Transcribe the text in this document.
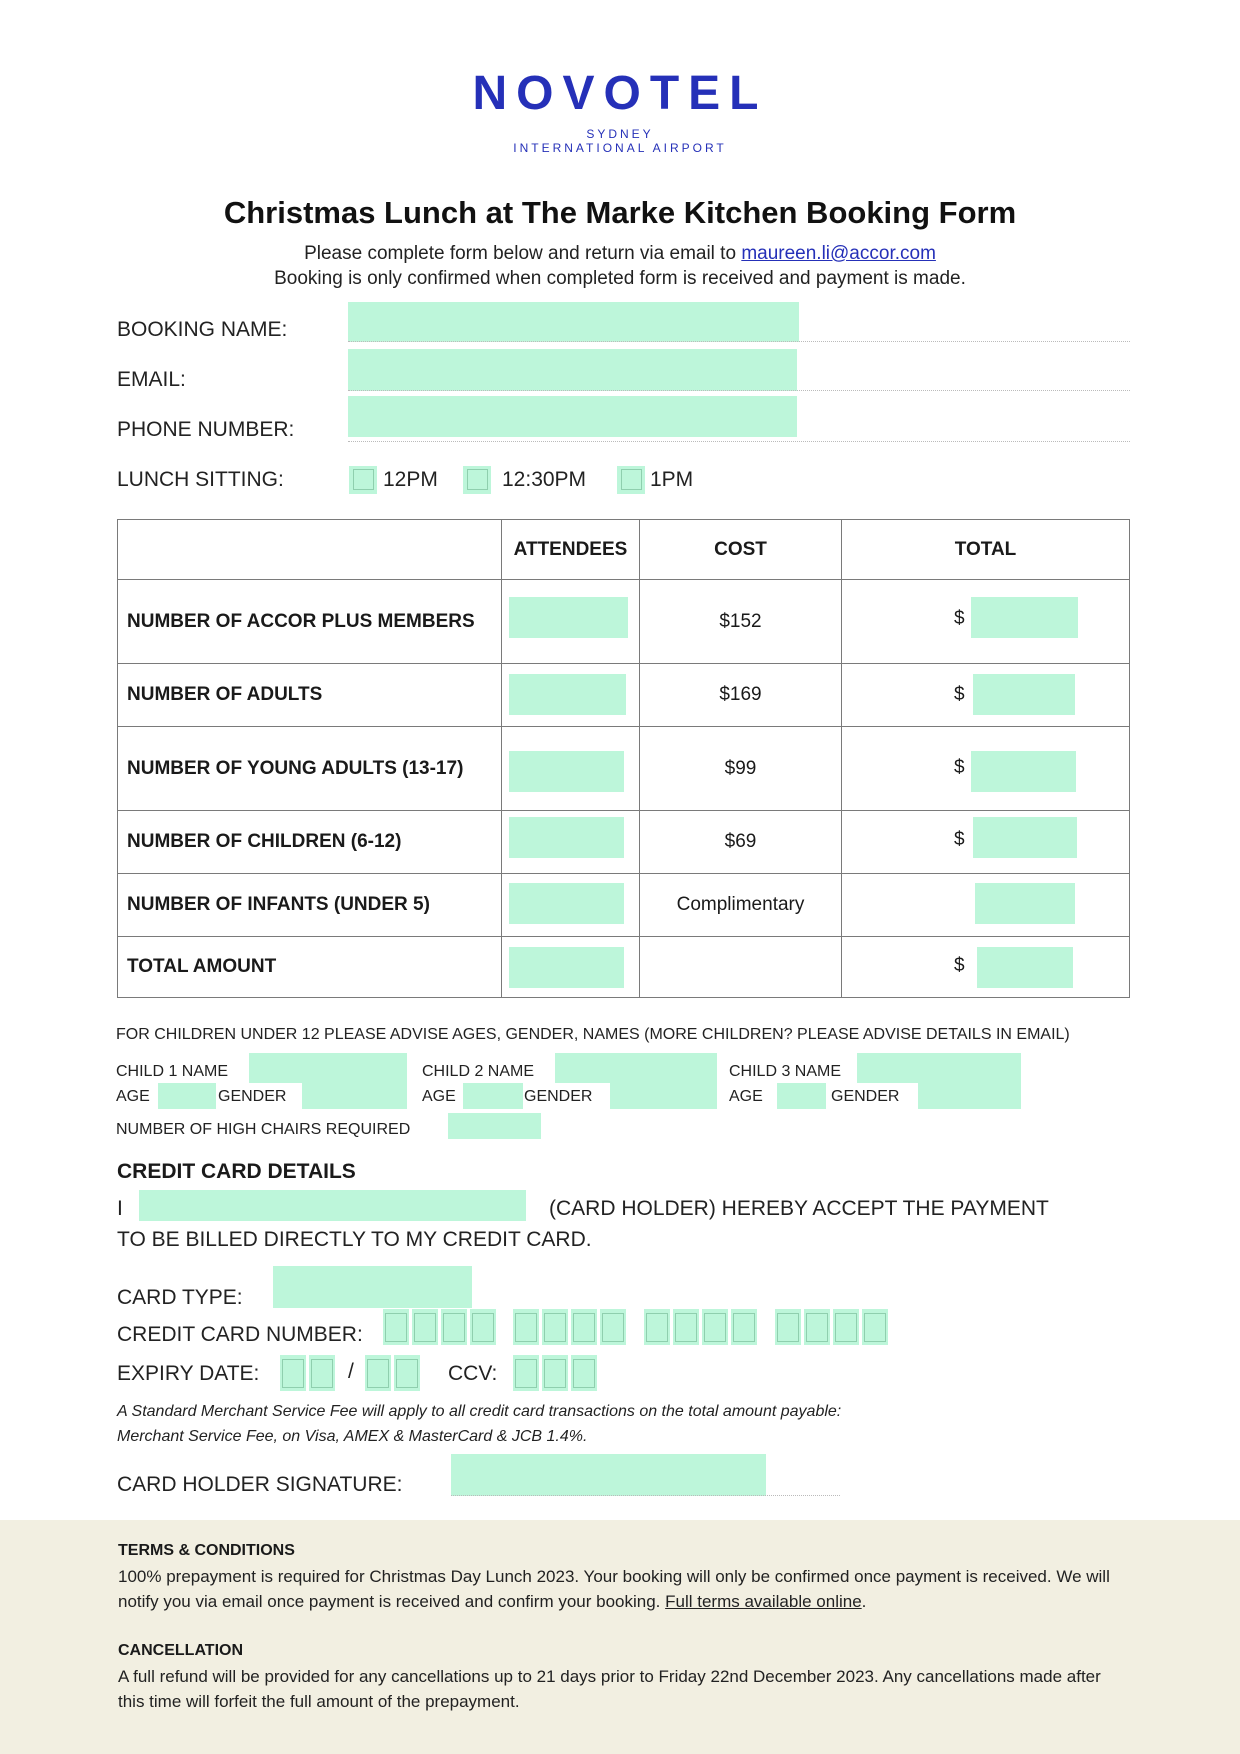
NOVOTEL
SYDNEY
INTERNATIONAL AIRPORT
Christmas Lunch at The Marke Kitchen Booking Form
Please complete form below and return via email to maureen.li@accor.com
Booking is only confirmed when completed form is received and payment is made.
BOOKING NAME:
EMAIL:
PHONE NUMBER:
LUNCH SITTING:	12PM	12:30PM	1PM
	ATTENDEES	COST	TOTAL
NUMBER OF ACCOR PLUS MEMBERS		$152	$

NUMBER OF ADULTS		$169	$

NUMBER OF YOUNG ADULTS (13-17)		$99	$

NUMBER OF CHILDREN (6-12)		$69	$

NUMBER OF INFANTS (UNDER 5)		Complimentary	

TOTAL AMOUNT			$
FOR CHILDREN UNDER 12 PLEASE ADVISE AGES, GENDER, NAMES (MORE CHILDREN? PLEASE ADVISE DETAILS IN EMAIL)
CHILD 1 NAME	CHILD 2 NAME	CHILD 3 NAME
AGE	GENDER	AGE	GENDER	AGE	GENDER
NUMBER OF HIGH CHAIRS REQUIRED
CREDIT CARD DETAILS
I	(CARD HOLDER) HEREBY ACCEPT THE PAYMENT
TO BE BILLED DIRECTLY TO MY CREDIT CARD.
CARD TYPE:
CREDIT CARD NUMBER:
EXPIRY DATE:	/	CCV:
A Standard Merchant Service Fee will apply to all credit card transactions on the total amount payable:
Merchant Service Fee, on Visa, AMEX & MasterCard & JCB 1.4%.
CARD HOLDER SIGNATURE:
TERMS & CONDITIONS
100% prepayment is required for Christmas Day Lunch 2023. Your booking will only be confirmed once payment is received. We will notify you via email once payment is received and confirm your booking. Full terms available online.
CANCELLATION
A full refund will be provided for any cancellations up to 21 days prior to Friday 22nd December 2023. Any cancellations made after this time will forfeit the full amount of the prepayment.
